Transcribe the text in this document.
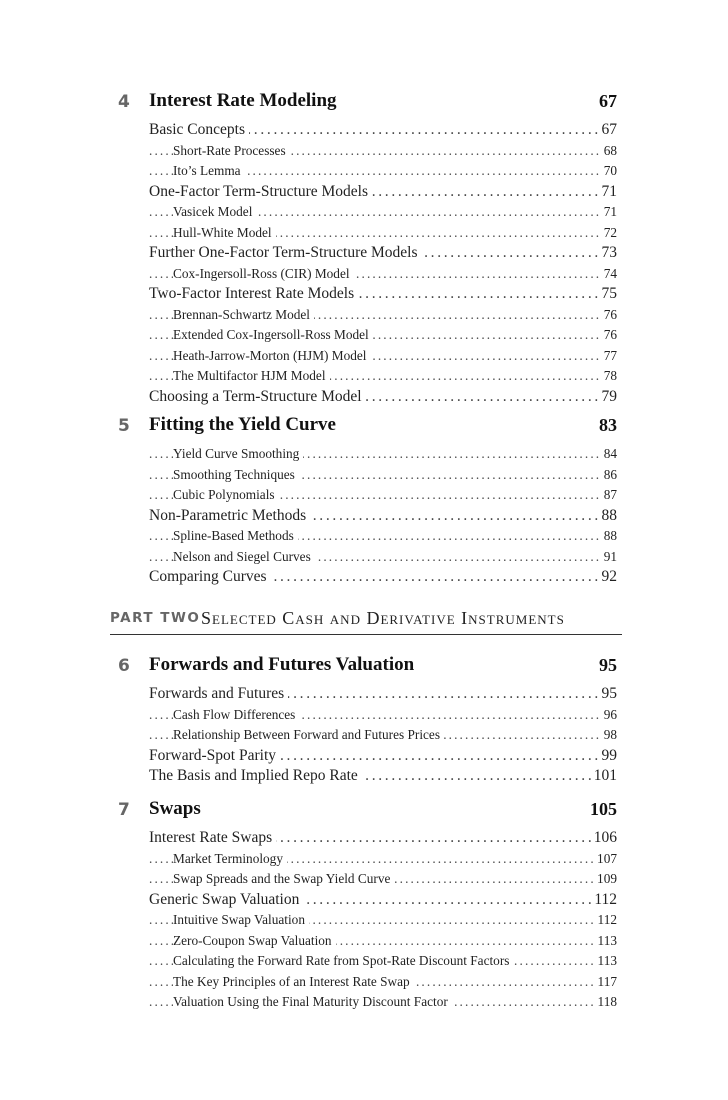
4 Interest Rate Modeling	67
. . .
Basic Concepts	67
. . .
Short-Rate Processes	68
. . .
Ito’s Lemma	70
. . .
One-Factor Term-Structure Models	71
. . .
Vasicek Model	71
. . .
Hull-White Model	72
. . .
Further One-Factor Term-Structure Models	73
. . .
Cox-Ingersoll-Ross (CIR) Model	74
. . .
Two-Factor Interest Rate Models	75
. . .
Brennan-Schwartz Model	76
. . .
Extended Cox-Ingersoll-Ross Model	76
. . .
Heath-Jarrow-Morton (HJM) Model	77
. . .
The Multifactor HJM Model	78
. . .
Choosing a Term-Structure Model	79
5 Fitting the Yield Curve	83
. . .
Yield Curve Smoothing	84
. . .
Smoothing Techniques	86
. . .
Cubic Polynomials	87
. . .
Non-Parametric Methods	88
. . .
Spline-Based Methods	88
. . .
Nelson and Siegel Curves	91
. . .
Comparing Curves	92
PART TWO Selected Cash and Derivative Instruments
6 Forwards and Futures Valuation	95
. . .
Forwards and Futures	95
. . .
Cash Flow Differences	96
. . .
Relationship Between Forward and Futures Prices	98
. . .
Forward-Spot Parity	99
. . .
The Basis and Implied Repo Rate	101
7 Swaps	105
. . .
Interest Rate Swaps	106
. . .
Market Terminology	107
. . .
Swap Spreads and the Swap Yield Curve	109
. . .
Generic Swap Valuation	112
. . .
Intuitive Swap Valuation	112
. . .
Zero-Coupon Swap Valuation	113
. . .
Calculating the Forward Rate from Spot-Rate Discount Factors	113
. . .
The Key Principles of an Interest Rate Swap	117
. . .
Valuation Using the Final Maturity Discount Factor	118
